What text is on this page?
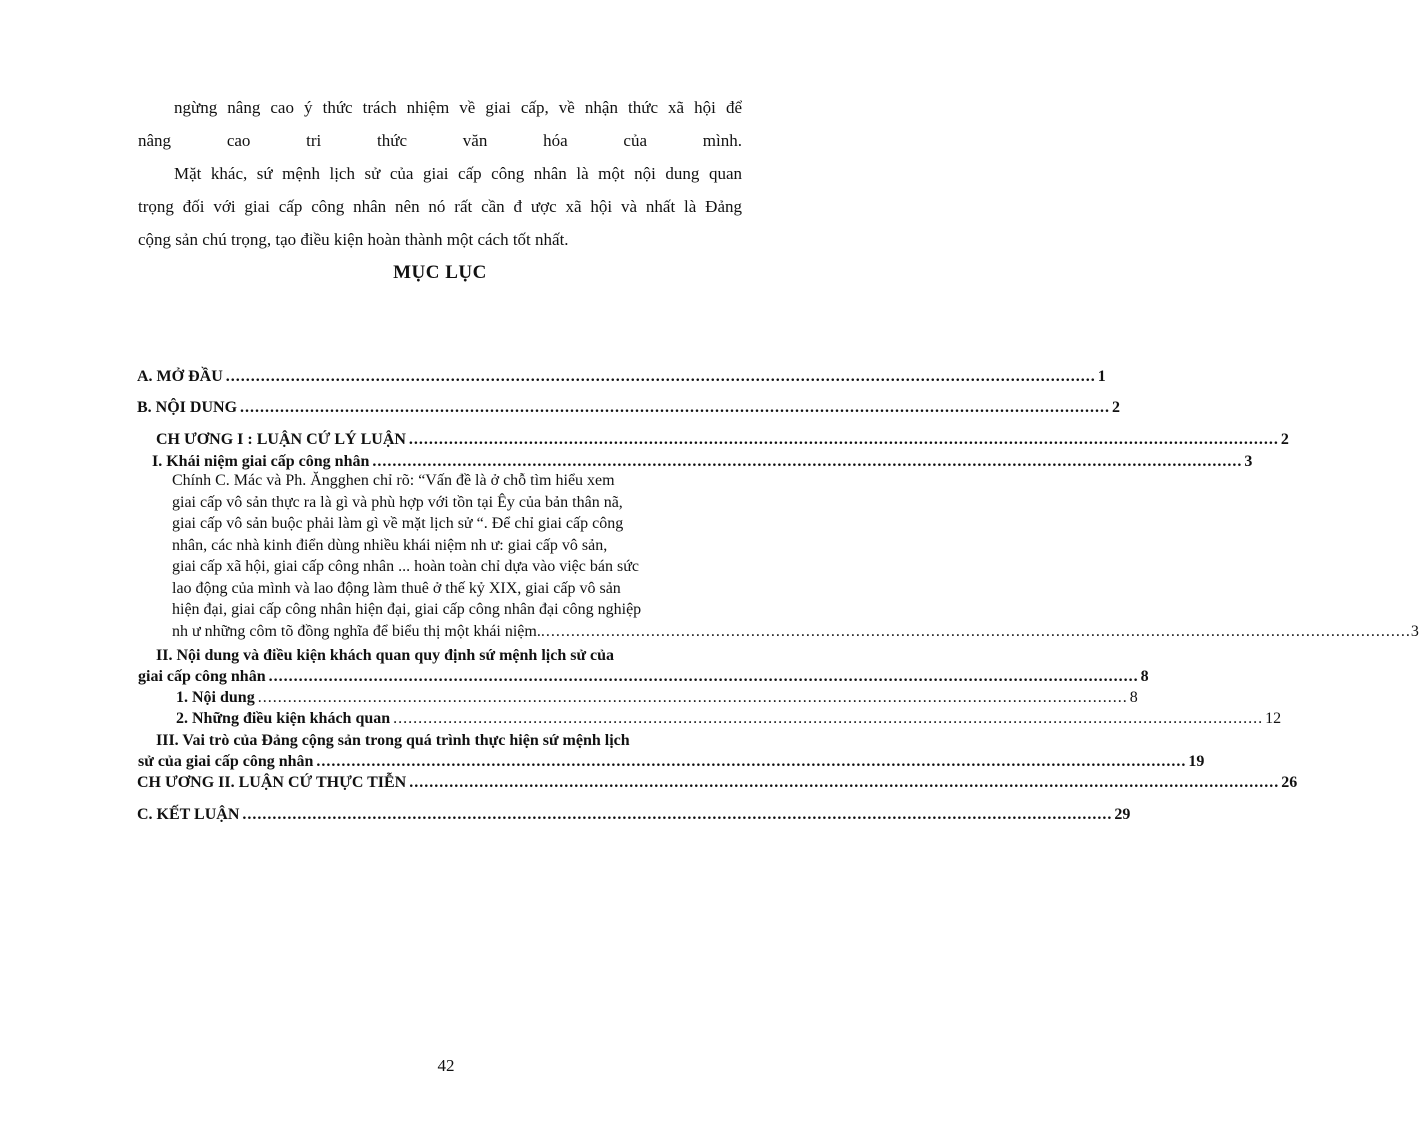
ngừng nâng cao ý thức trách nhiệm về giai cấp, về nhận thức xã hội để
nâng	cao	tri	thức	văn	hóa	của	mình.
Mặt khác, sứ mệnh lịch sử của giai cấp công nhân là một nội dung quan
trọng đối với giai cấp công nhân nên nó rất cần đ ược xã hội và nhất là Đảng
cộng sản chú trọng, tạo điều kiện hoàn thành một cách tốt nhất.
MỤC LỤC
A. MỞ ĐẦU .............................................................................................................................................................................. 1
B. NỘI DUNG .............................................................................................................................................................................. 2
CH ƯƠNG I : LUẬN CỨ LÝ LUẬN .............................................................................................................................................................................. 2
I. Khái niệm giai cấp công nhân .............................................................................................................................................................................. 3
Chính C. Mác và Ph. Ăngghen chỉ rõ: “Vấn đề là ở chỗ tìm hiểu xem
giai cấp vô sản thực ra là gì và phù hợp với tồn tại Êy của bản thân nã,
giai cấp vô sản buộc phải làm gì về mặt lịch sử “. Để chỉ giai cấp công
nhân, các nhà kinh điển dùng nhiều khái niệm nh ư: giai cấp vô sản,
giai cấp xã hội, giai cấp công nhân ... hoàn toàn chỉ dựa vào việc bán sức
lao động của mình và lao động làm thuê ở thế kỷ XIX, giai cấp vô sản
hiện đại, giai cấp công nhân hiện đại, giai cấp công nhân đại công nghiệp
nh ư những côm tõ đồng nghĩa để biểu thị một khái niệm. .............................................................................................................................................................................. 3
II. Nội dung và điều kiện khách quan quy định sứ mệnh lịch sử của
giai cấp công nhân .............................................................................................................................................................................. 8
1. Nội dung .............................................................................................................................................................................. 8
2. Những điều kiện khách quan .............................................................................................................................................................................. 12
III. Vai trò của Đảng cộng sản trong quá trình thực hiện sứ mệnh lịch
sử của giai cấp công nhân .............................................................................................................................................................................. 19
CH ƯƠNG II. LUẬN CỨ THỰC TIỄN .............................................................................................................................................................................. 26
C. KẾT LUẬN .............................................................................................................................................................................. 29
42
